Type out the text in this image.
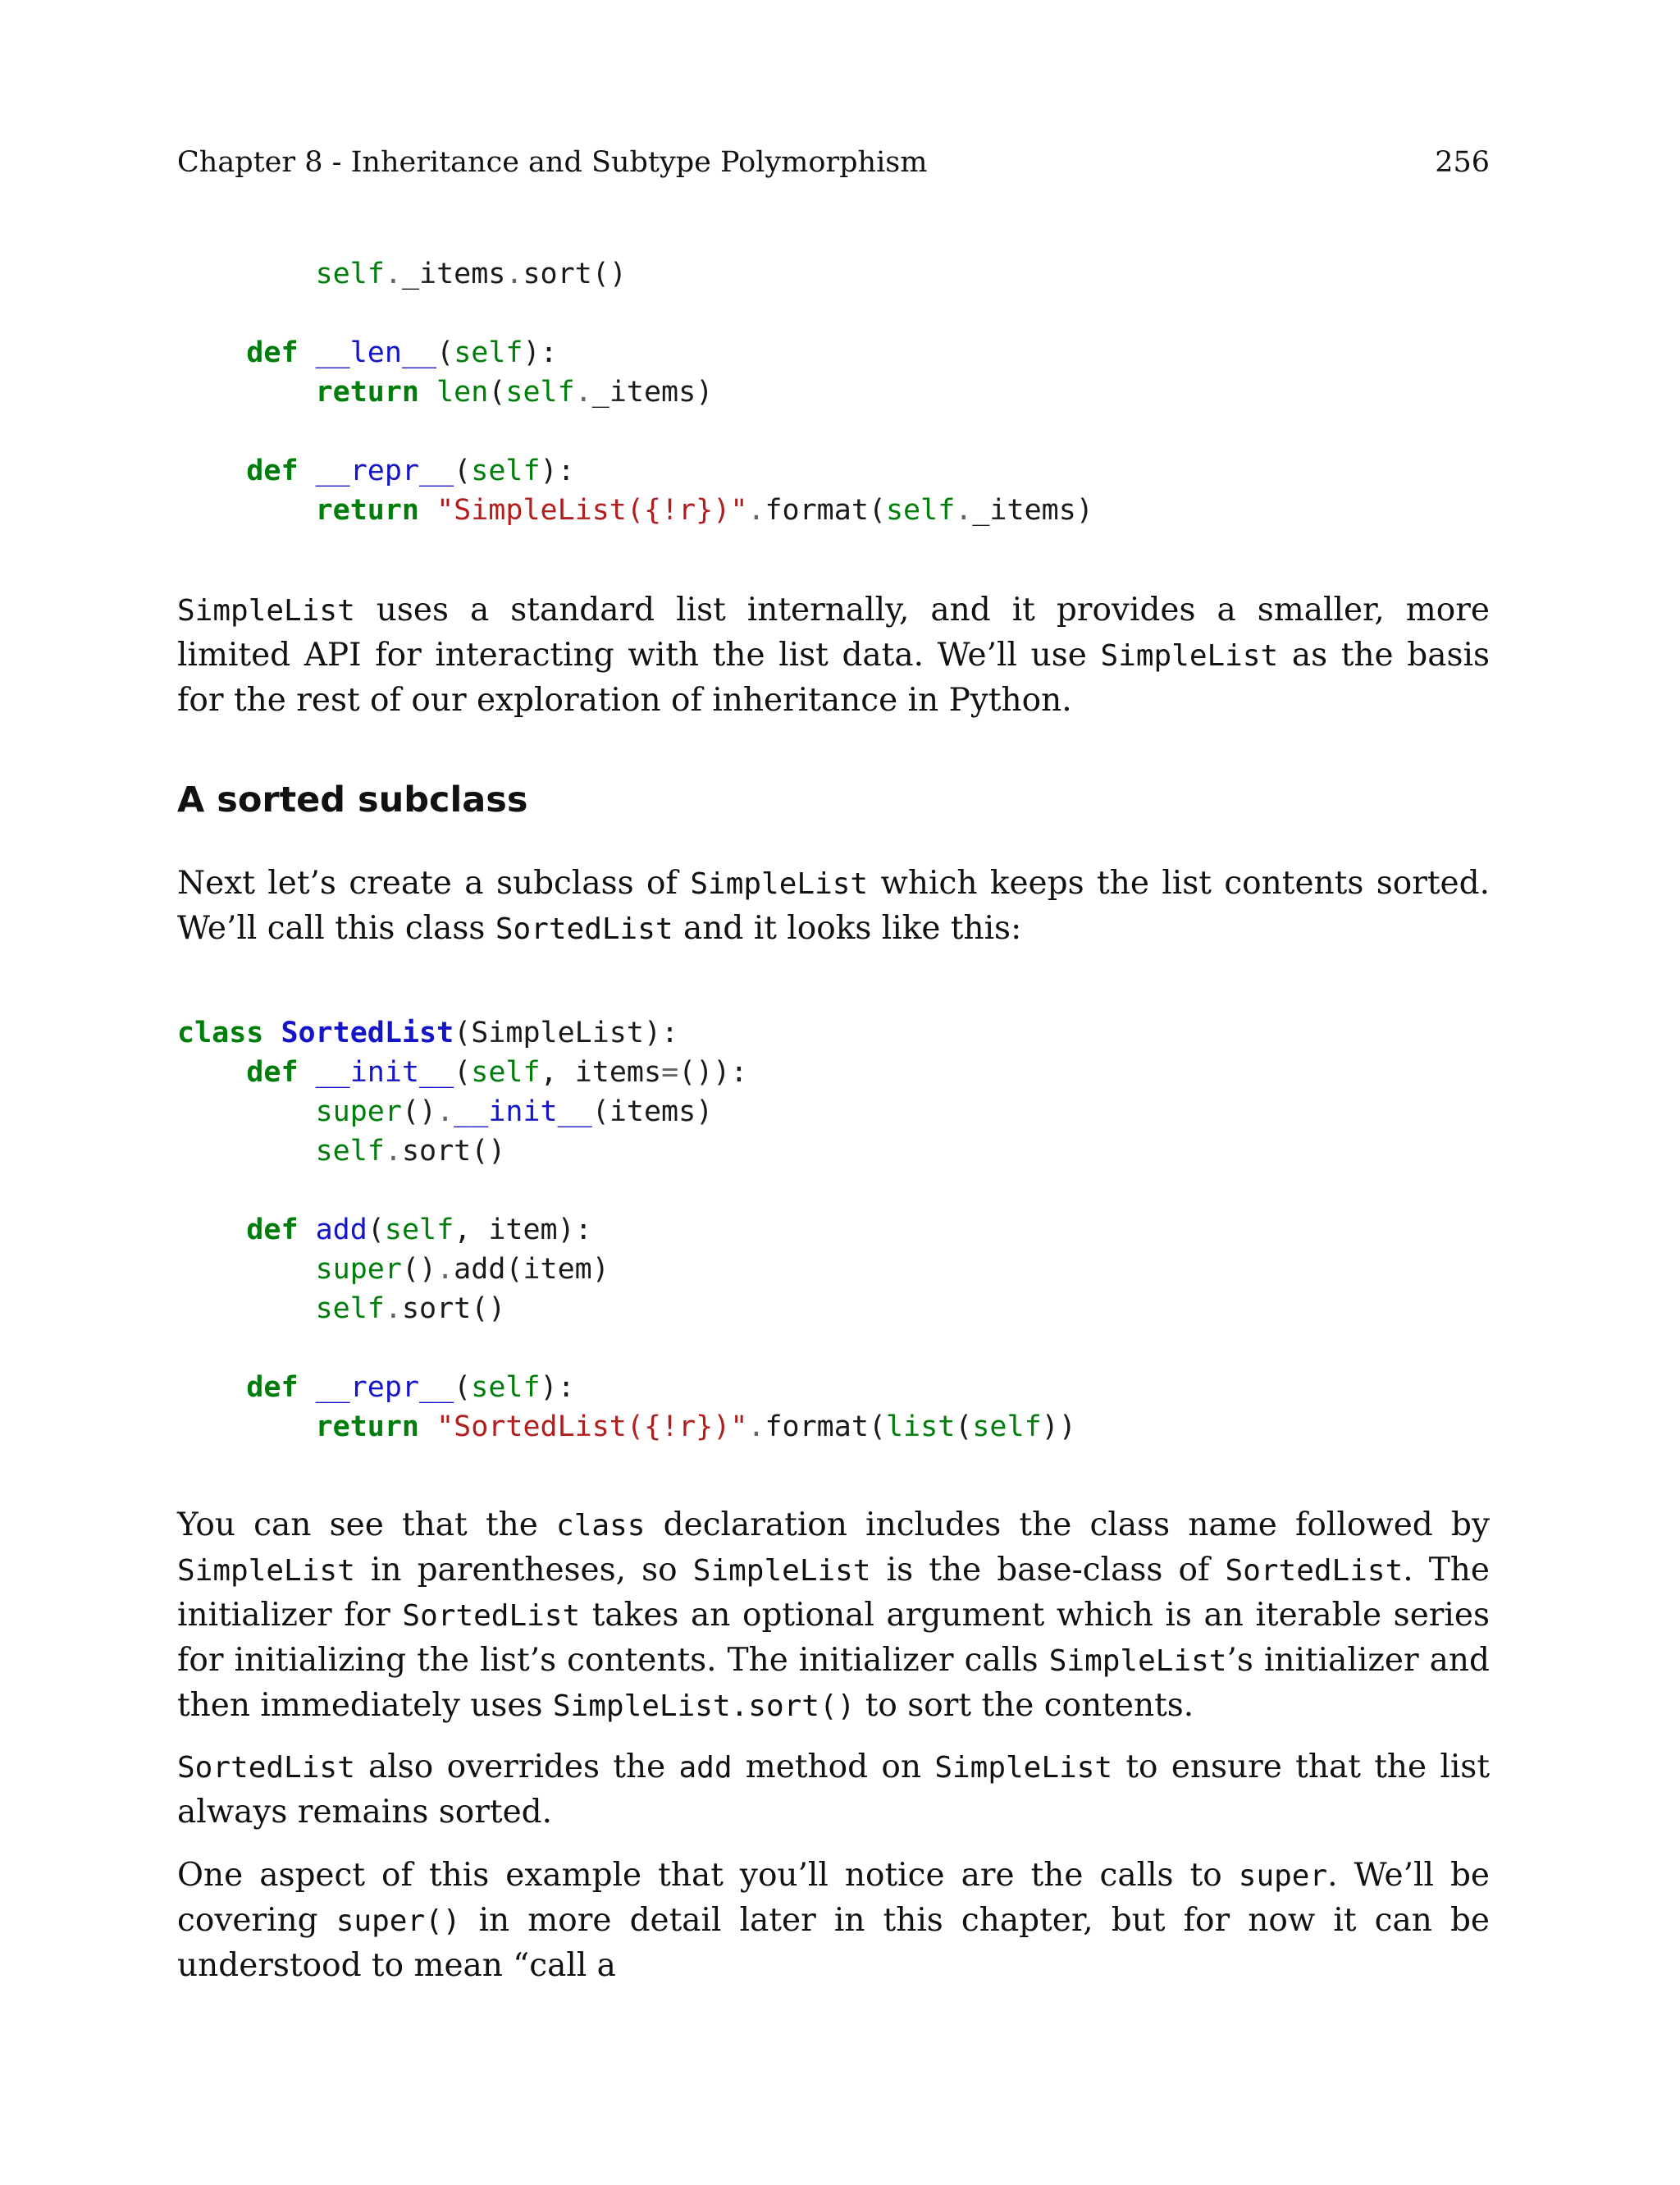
Chapter 8 - Inheritance and Subtype Polymorphism	256
self._items.sort()
def __len__(self):
return len(self._items)
def __repr__(self):
return "SimpleList({!r})".format(self._items)

SimpleList uses a standard list internally, and it provides a smaller, more limited API for interacting with the list data. We’ll use SimpleList as the basis for the rest of our exploration of inheritance in Python.

A sorted subclass

Next let’s create a subclass of SimpleList which keeps the list contents sorted. We’ll call this class SortedList and it looks like this:

class SortedList(SimpleList):
def __init__(self, items=()):
super().__init__(items)
self.sort()
def add(self, item):
super().add(item)
self.sort()
def __repr__(self):
return "SortedList({!r})".format(list(self))

You can see that the class declaration includes the class name followed by SimpleList in parentheses, so SimpleList is the base-class of SortedList. The initializer for SortedList takes an optional argument which is an iterable series for initializing the list’s contents. The initializer calls SimpleList’s initializer and then immediately uses SimpleList.sort() to sort the contents.

SortedList also overrides the add method on SimpleList to ensure that the list always remains sorted.

One aspect of this example that you’ll notice are the calls to super. We’ll be covering super() in more detail later in this chapter, but for now it can be understood to mean “call a
